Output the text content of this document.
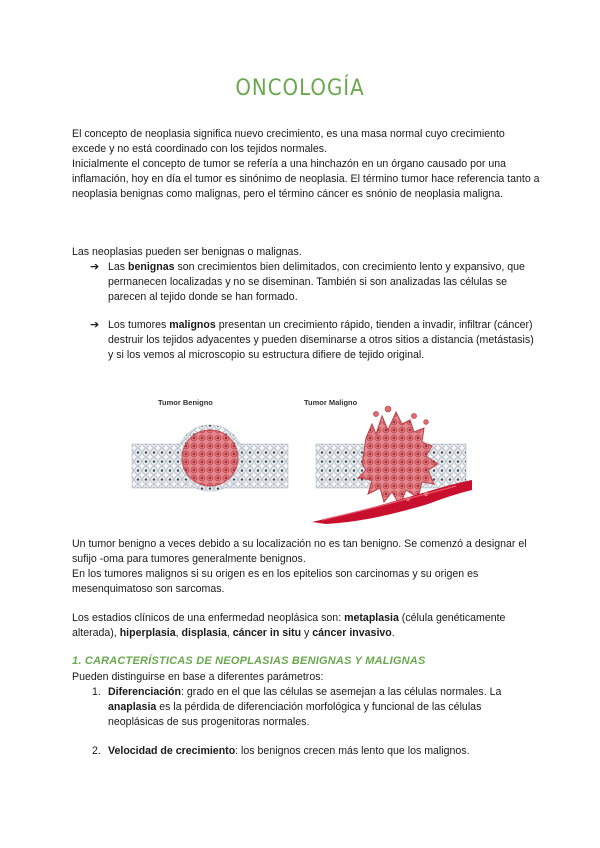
ONCOLOGÍA

El concepto de neoplasia significa nuevo crecimiento, es una masa normal cuyo crecimiento excede y no está coordinado con los tejidos normales.

Inicialmente el concepto de tumor se refería a una hinchazón en un órgano causado por una inflamación, hoy en día el tumor es sinónimo de neoplasia. El término tumor hace referencia tanto a neoplasia benignas como malignas, pero el término cáncer es snónio de neoplasia maligna.

Las neoplasias pueden ser benignas o malignas.

➔ Las benignas son crecimientos bien delimitados, con crecimiento lento y expansivo, que permanecen localizadas y no se diseminan. También si son analizadas las células se parecen al tejido donde se han formado.

➔ Los tumores malignos presentan un crecimiento rápido, tienden a invadir, infiltrar (cáncer) destruir los tejidos adyacentes y pueden diseminarse a otros sitios a distancia (metástasis) y si los vemos al microscopio su estructura difiere de tejido original.

Tumor Benigno	Tumor Maligno

Un tumor benigno a veces debido a su localización no es tan benigno. Se comenzó a designar el sufijo -oma para tumores generalmente benignos.

En los tumores malignos si su origen es en los epitelios son carcinomas y su origen es mesenquimatoso son sarcomas.

Los estadios clínicos de una enfermedad neoplásica son: metaplasia (célula genéticamente alterada), hiperplasia, displasia, cáncer in situ y cáncer invasivo.

1. CARACTERÍSTICAS DE NEOPLASIAS BENIGNAS Y MALIGNAS

Pueden distinguirse en base a diferentes parámetros:

1. Diferenciación: grado en el que las células se asemejan a las células normales. La anaplasia es la pérdida de diferenciación morfológica y funcional de las células neoplásicas de sus progenitoras normales.

2. Velocidad de crecimiento: los benignos crecen más lento que los malignos.
